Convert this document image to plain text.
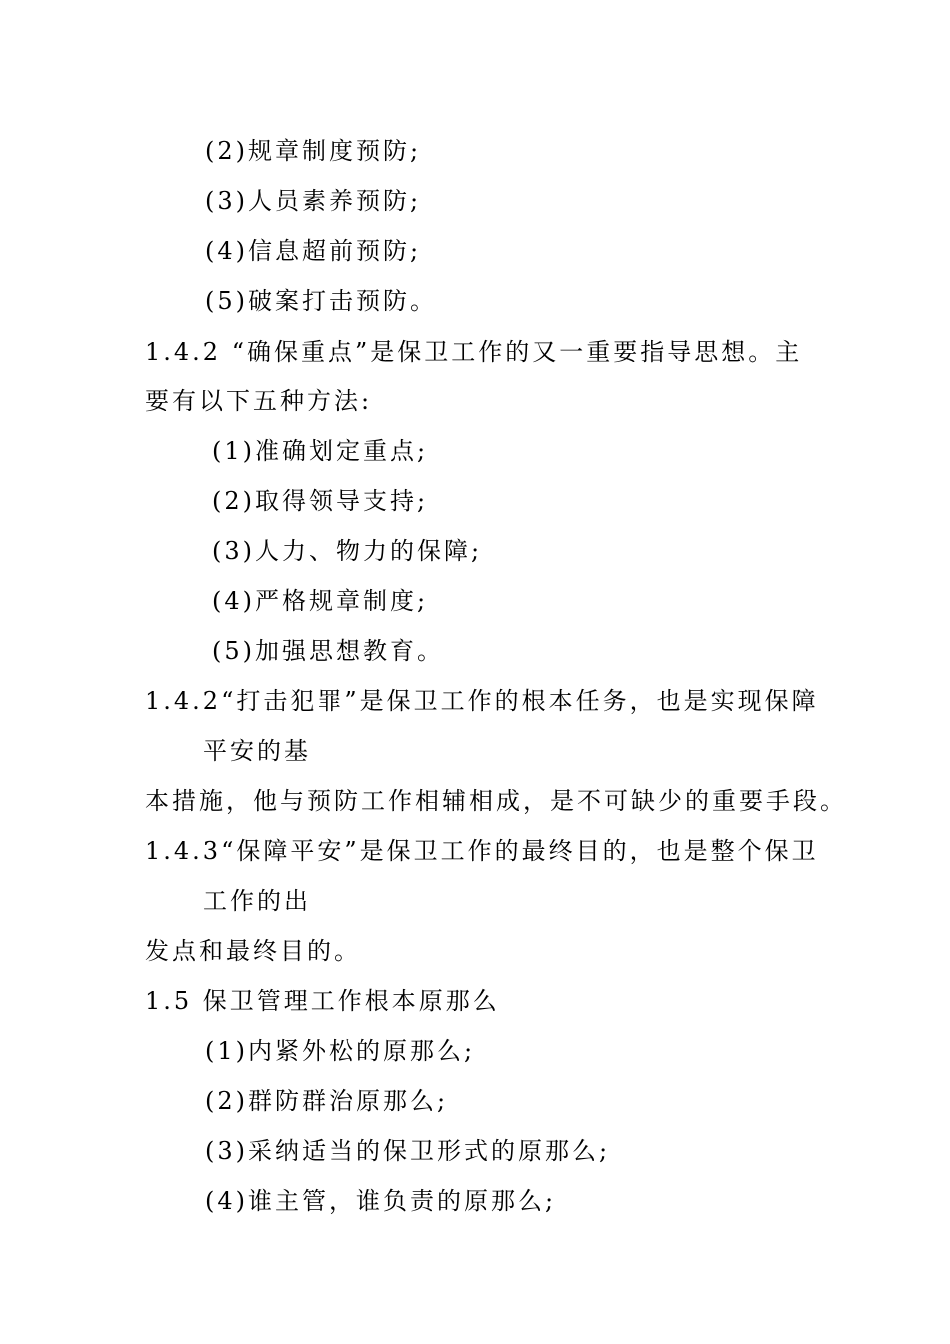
(2)规章制度预防;
(3)人员素养预防;
(4)信息超前预防;
(5)破案打击预防。
1.4.2 “确保重点”是保卫工作的又一重要指导思想。主
要有以下五种方法:
(1)准确划定重点;
(2)取得领导支持;
(3)人力、物力的保障;
(4)严格规章制度;
(5)加强思想教育。
1.4.2“打击犯罪”是保卫工作的根本任务，也是实现保障
平安的基
本措施，他与预防工作相辅相成，是不可缺少的重要手段。
1.4.3“保障平安”是保卫工作的最终目的，也是整个保卫
工作的出
发点和最终目的。
1.5 保卫管理工作根本原那么
(1)内紧外松的原那么;
(2)群防群治原那么;
(3)采纳适当的保卫形式的原那么;
(4)谁主管，谁负责的原那么;
